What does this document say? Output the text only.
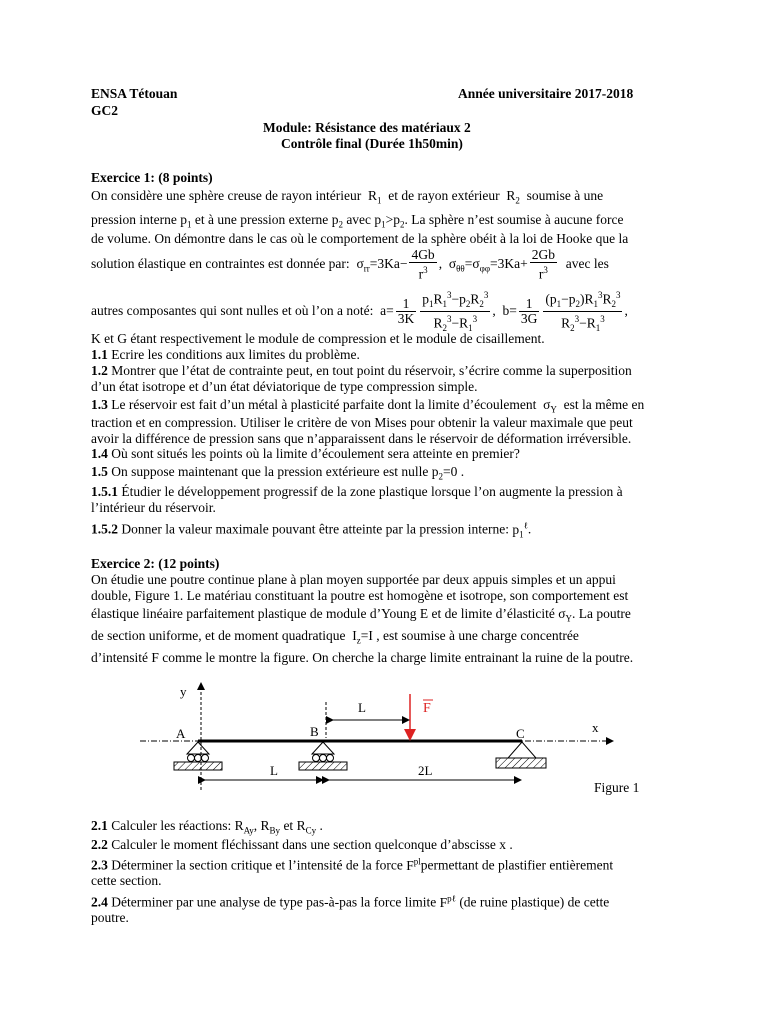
ENSA Tétouan	Année universitaire 2017-2018
GC2
Module: Résistance des matériaux 2
Contrôle final (Durée 1h50min)
Exercice 1: (8 points)
On considère une sphère creuse de rayon intérieur $R_1$ et de rayon extérieur $R_2$ soumise à une
pression interne $p_1$ et à une pression externe $p_2$ avec $p_1>p_2$. La sphère n’est soumise à aucune force
de volume. On démontre dans le cas où le comportement de la sphère obéit à la loi de Hooke que la
solution élastique en contraintes est donnée par:  $\sigma_{rr}=3Ka- \frac{4Gb}{r^3}$ ,  $\sigma_{\theta\theta}=\sigma_{\varphi\varphi}=3Ka+ \frac{2Gb}{r^3}$ avec les
autres composantes qui sont nulles et où l’on a noté:  $a= \frac{1}{3K} \frac{p_1R_1^3-p_2R_2^3}{R_2^3-R_1^3}$ ,  $b= \frac{1}{3G} \frac{(p_1-p_2)R_1^3R_2^3}{R_2^3-R_1^3}$ ,
K et G étant respectivement le module de compression et le module de cisaillement.
1.1 Ecrire les conditions aux limites du problème.
1.2 Montrer que l’état de contrainte peut, en tout point du réservoir, s’écrire comme la superposition
d’un état isotrope et d’un état déviatorique de type compression simple.
1.3 Le réservoir est fait d’un métal à plasticité parfaite dont la limite d’écoulement $\sigma_Y$ est la même en
traction et en compression. Utiliser le critère de von Mises pour obtenir la valeur maximale que peut
avoir la différence de pression sans que n’apparaissent dans le réservoir de déformation irréversible.
1.4 Où sont situés les points où la limite d’écoulement sera atteinte en premier?
1.5 On suppose maintenant que la pression extérieure est nulle $p_2=0$ .
1.5.1 Étudier le développement progressif de la zone plastique lorsque l’on augmente la pression à
l’intérieur du réservoir.
1.5.2 Donner la valeur maximale pouvant être atteinte par la pression interne: $p_1^\ell$.
Exercice 2: (12 points)
On étudie une poutre continue plane à plan moyen supportée par deux appuis simples et un appui
double, Figure 1. Le matériau constituant la poutre est homogène et isotrope, son comportement est
élastique linéaire parfaitement plastique de module d’Young E et de limite d’élasticité $\sigma_Y$. La poutre
de section uniforme, et de moment quadratique $I_z=I$ , est soumise à une charge concentrée
d’intensité F comme le montre la figure. On cherche la charge limite entrainant la ruine de la poutre.
y
x
A	B	C
F
L
L	2L
Figure 1
2.1 Calculer les réactions: $R_{Ay}$, $R_{By}$ et $R_{Cy}$ .
2.2 Calculer le moment fléchissant dans une section quelconque d’abscisse x .
2.3 Déterminer la section critique et l’intensité de la force $F^{pl}permettant$ de plastifier entièrement
cette section.
2.4 Déterminer par une analyse de type pas-à-pas la force limite $F^{p\ell}$ (de ruine plastique) de cette
poutre.
